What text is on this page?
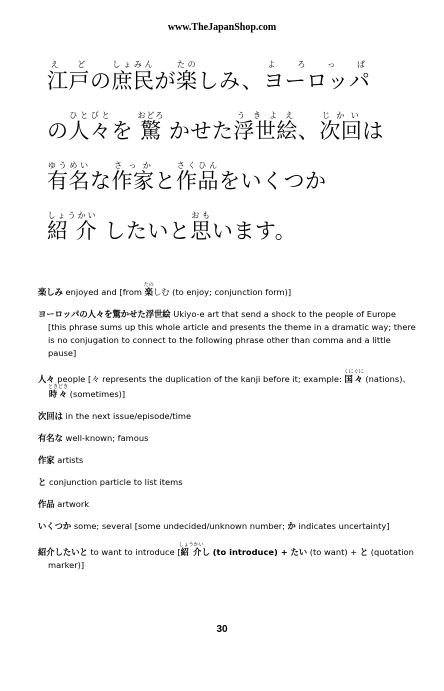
www.TheJapanShop.com
江戸え どの庶民しょみんが楽たのしみ、ヨーロッパよ ろ っ ぱ
の人々ひとびとを 驚おどろ かせた浮世絵うきよえ、次回じかいは
有名ゆうめいな作家さっかと作品さくひんをいくつか
紹 介しょうかい したいと思おもいます。

楽しみ enjoyed and [from 楽たのしむ (to enjoy; conjunction form)]

ヨーロッパの人々を驚かせた浮世絵 Ukiyo-e art that send a shock to the people of Europe [this phrase sums up this whole article and presents the theme in a dramatic way; there is no conjugation to connect to the following phrase other than comma and a little pause]

人々 people [々 represents the duplication of the kanji before it; example: 国々くにぐに (nations)、時々ときどき (sometimes)]

次回は in the next issue/episode/time

有名な well-known; famous

作家 artists

と conjunction particle to list items

作品 artwork

いくつか some; several [some undecided/unknown number; か indicates uncertainty]

紹介したいと to want to introduce [紹介しょうかいし (to introduce) + たい (to want) + と (quotation marker)]

30
